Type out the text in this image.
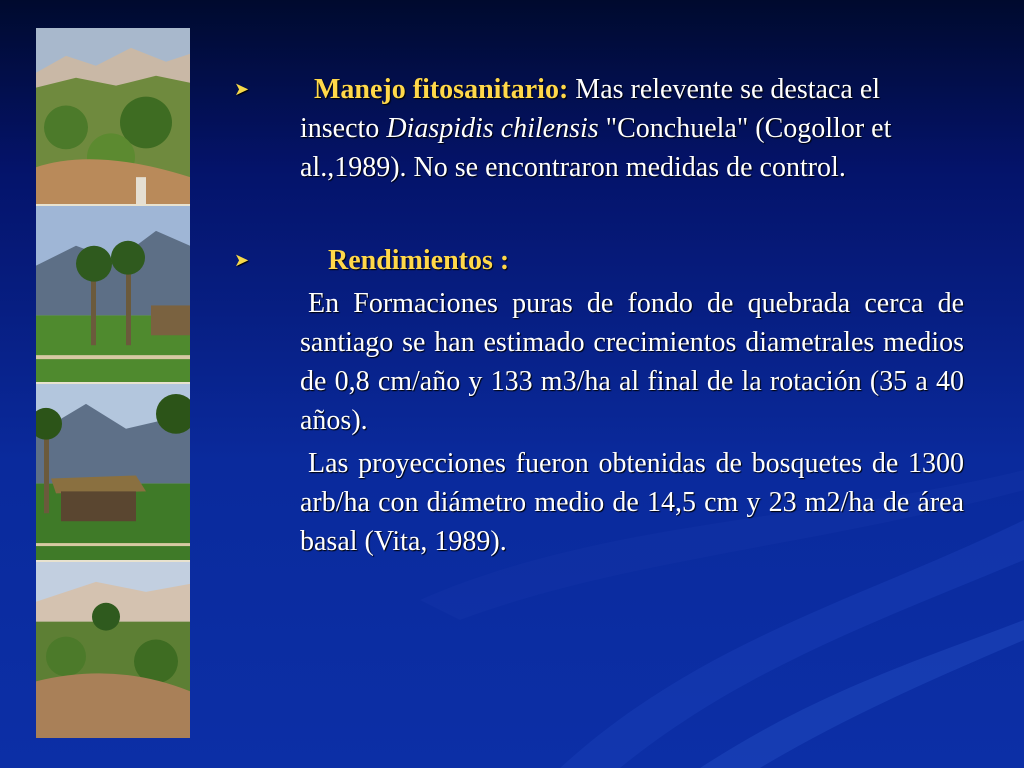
➤	Manejo fitosanitario: Mas relevente se destaca el insecto Diaspidis chilensis "Conchuela" (Cogollor et al.,1989). No se encontraron medidas de control.
➤	Rendimientos :
En Formaciones puras de fondo de quebrada cerca de santiago se han estimado crecimientos diametrales medios de 0,8 cm/año y 133 m3/ha al final de la rotación (35 a 40 años).
Las proyecciones fueron obtenidas de bosquetes de 1300 arb/ha con diámetro medio de 14,5 cm y 23 m2/ha de área basal (Vita, 1989).
